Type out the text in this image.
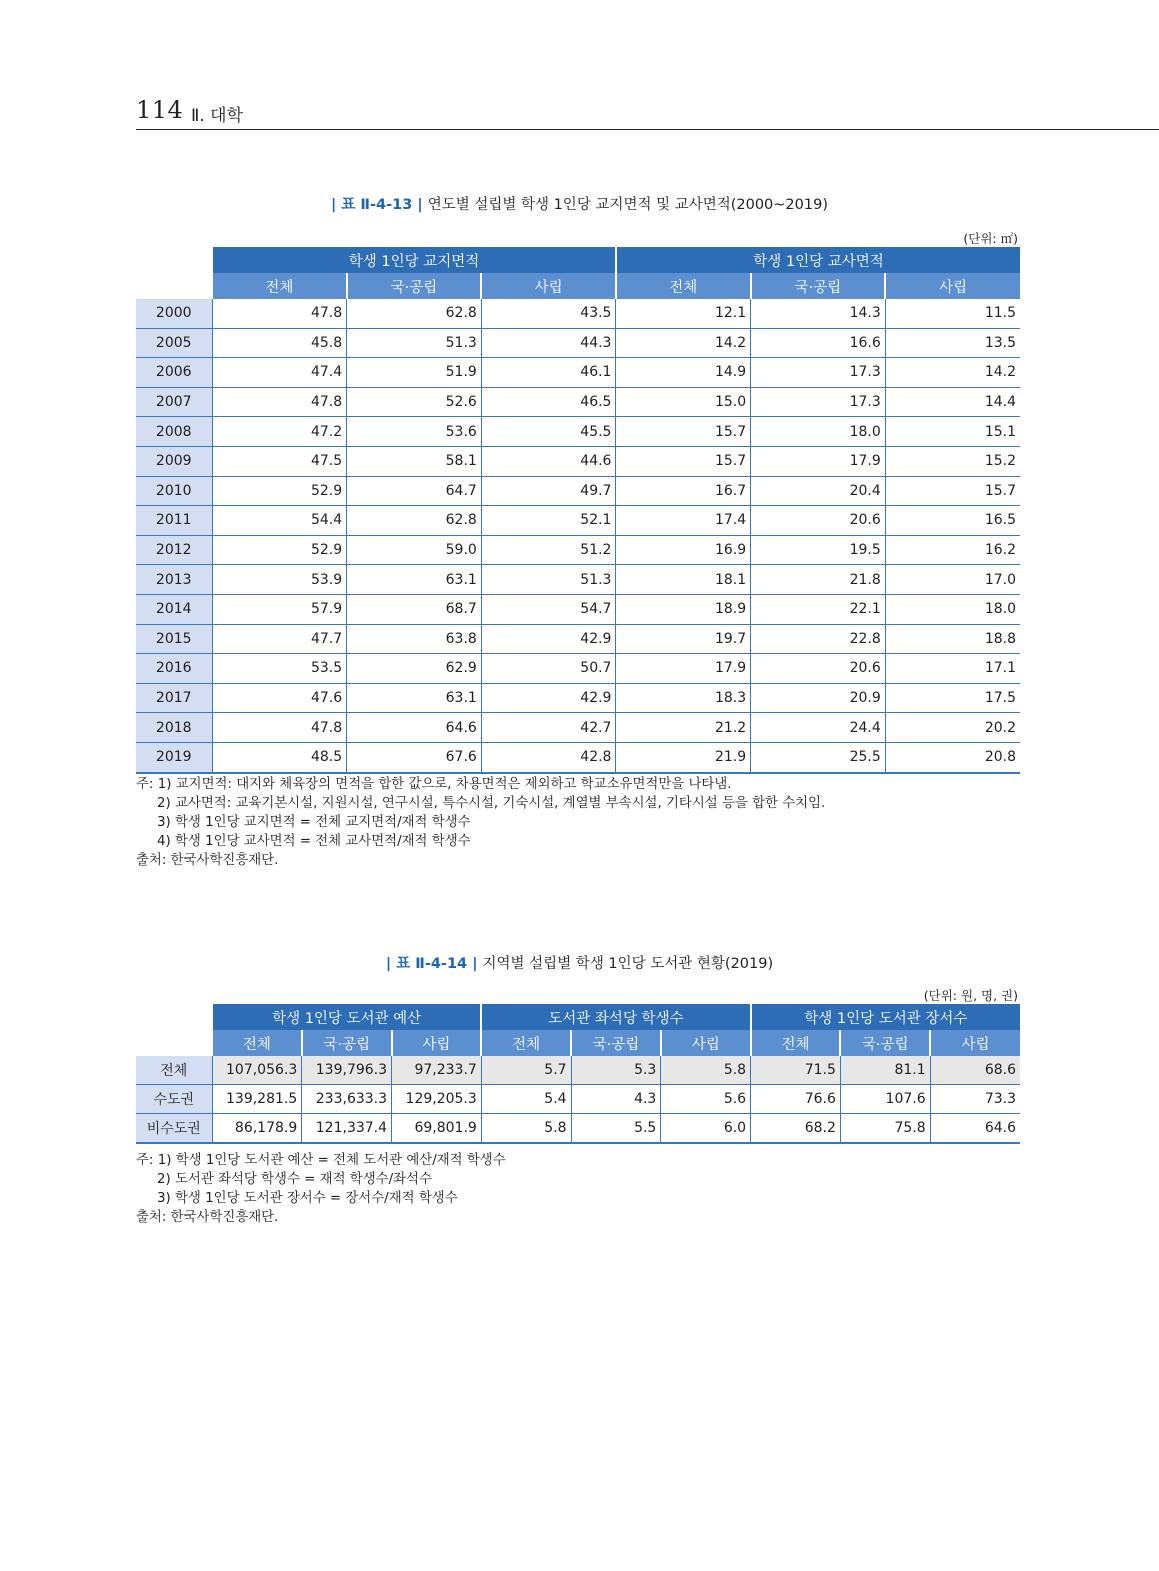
114 Ⅱ. 대학
| 표 Ⅱ-4-13 | 연도별 설립별 학생 1인당 교지면적 및 교사면적(2000~2019)
(단위: ㎡)
	학생 1인당 교지면적			학생 1인당 교사면적		
	전체	국·공립	사립	전체	국·공립	사립
2000	47.8	62.8	43.5	12.1	14.3	11.5
2005	45.8	51.3	44.3	14.2	16.6	13.5
2006	47.4	51.9	46.1	14.9	17.3	14.2
2007	47.8	52.6	46.5	15.0	17.3	14.4
2008	47.2	53.6	45.5	15.7	18.0	15.1
2009	47.5	58.1	44.6	15.7	17.9	15.2
2010	52.9	64.7	49.7	16.7	20.4	15.7
2011	54.4	62.8	52.1	17.4	20.6	16.5
2012	52.9	59.0	51.2	16.9	19.5	16.2
2013	53.9	63.1	51.3	18.1	21.8	17.0
2014	57.9	68.7	54.7	18.9	22.1	18.0
2015	47.7	63.8	42.9	19.7	22.8	18.8
2016	53.5	62.9	50.7	17.9	20.6	17.1
2017	47.6	63.1	42.9	18.3	20.9	17.5
2018	47.8	64.6	42.7	21.2	24.4	20.2
2019	48.5	67.6	42.8	21.9	25.5	20.8
주: 1) 교지면적: 대지와 체육장의 면적을 합한 값으로, 차용면적은 제외하고 학교소유면적만을 나타냄.
2) 교사면적: 교육기본시설, 지원시설, 연구시설, 특수시설, 기숙시설, 계열별 부속시설, 기타시설 등을 합한 수치임.
3) 학생 1인당 교지면적 = 전체 교지면적/재적 학생수
4) 학생 1인당 교사면적 = 전체 교사면적/재적 학생수
출처: 한국사학진흥재단.
| 표 Ⅱ-4-14 | 지역별 설립별 학생 1인당 도서관 현황(2019)
(단위: 원, 명, 권)
	학생 1인당 도서관 예산			도서관 좌석당 학생수			학생 1인당 도서관 장서수		
	전체	국·공립	사립	전체	국·공립	사립	전체	국·공립	사립
전체	107,056.3	139,796.3	97,233.7	5.7	5.3	5.8	71.5	81.1	68.6
수도권	139,281.5	233,633.3	129,205.3	5.4	4.3	5.6	76.6	107.6	73.3
비수도권	86,178.9	121,337.4	69,801.9	5.8	5.5	6.0	68.2	75.8	64.6
주: 1) 학생 1인당 도서관 예산 = 전체 도서관 예산/재적 학생수
2) 도서관 좌석당 학생수 = 재적 학생수/좌석수
3) 학생 1인당 도서관 장서수 = 장서수/재적 학생수
출처: 한국사학진흥재단.
